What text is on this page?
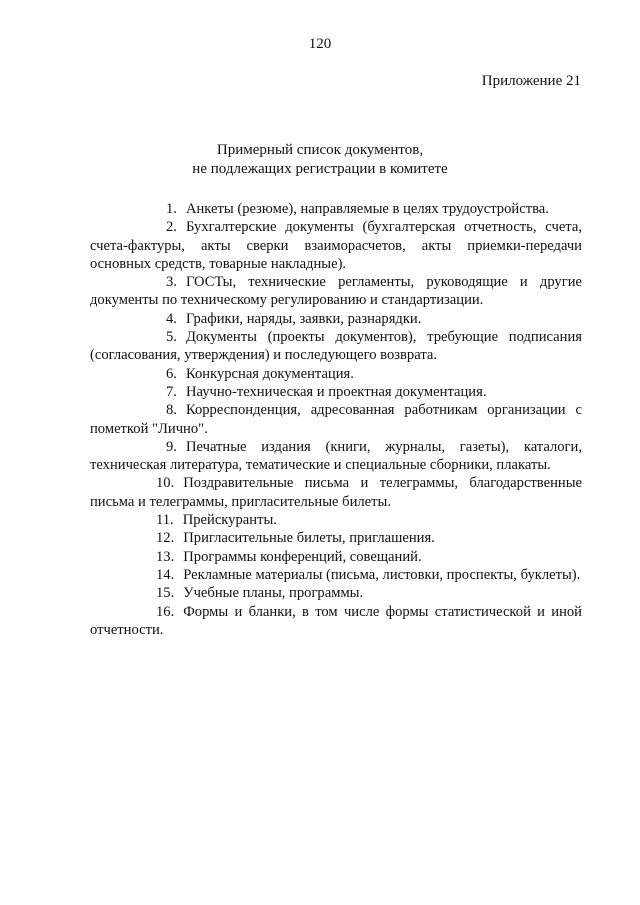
120
Приложение 21
Примерный список документов,
не подлежащих регистрации в комитете
1. Анкеты (резюме), направляемые в целях трудоустройства.
2. Бухгалтерские документы (бухгалтерская отчетность, счета, счета-фактуры, акты сверки взаиморасчетов, акты приемки-передачи основных средств, товарные накладные).
3. ГОСТы, технические регламенты, руководящие и другие документы по техническому регулированию и стандартизации.
4. Графики, наряды, заявки, разнарядки.
5. Документы (проекты документов), требующие подписания (согласования, утверждения) и последующего возврата.
6. Конкурсная документация.
7. Научно-техническая и проектная документация.
8. Корреспонденция, адресованная работникам организации с пометкой "Лично".
9. Печатные издания (книги, журналы, газеты), каталоги, техническая литература, тематические и специальные сборники, плакаты.
10. Поздравительные письма и телеграммы, благодарственные письма и телеграммы, пригласительные билеты.
11. Прейскуранты.
12. Пригласительные билеты, приглашения.
13. Программы конференций, совещаний.
14. Рекламные материалы (письма, листовки, проспекты, буклеты).
15. Учебные планы, программы.
16. Формы и бланки, в том числе формы статистической и иной отчетности.
